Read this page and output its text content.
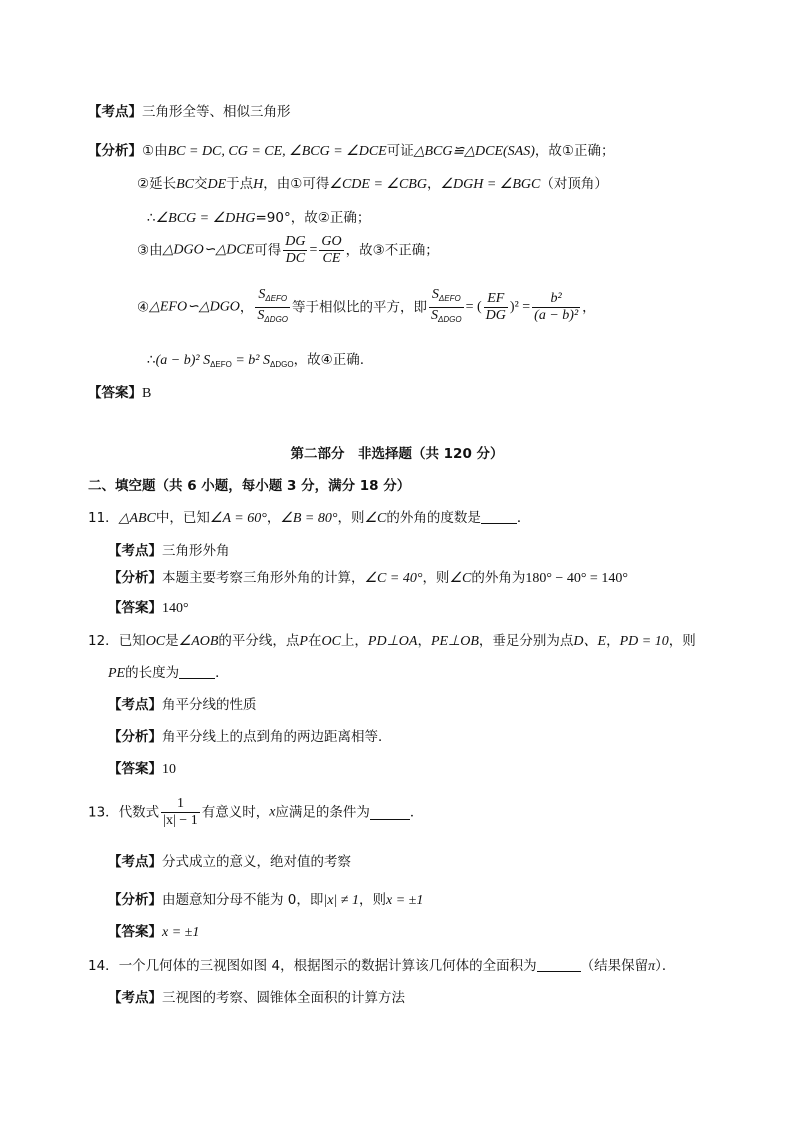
【考点】三角形全等、相似三角形
【分析】①由BC = DC, CG = CE, ∠BCG = ∠DCE可证△BCG≌△DCE(SAS)，故①正确；
②延长BC交DE于点H，由①可得∠CDE = ∠CBG，∠DGH = ∠BGC（对顶角）
∴∠BCG = ∠DHG=90°，故②正确；
③由△DGO∽△DCE可得 $\frac{DG}{DC} = \frac{GO}{CE}$ ，故③不正确；
④△EFO∽△DGO， $\frac{S_{\Delta EFO}}{S_{\Delta DGO}}$ 等于相似比的平方，即 $\frac{S_{\Delta EFO}}{S_{\Delta DGO}}$ = ( $\frac{EF}{DG} )^2 = \frac{\text{b²}}{\text{(a − b)²}}$ ，
∴(a − b)² $S_{\Delta EFO} = b^2$ $S_{\Delta DGO}$，故④正确.
【答案】B
第二部分　非选择题（共 120 分）
二、填空题（共 6 小题，每小题 3 分，满分 18 分）
11．△ABC中，已知∠A = 60°，∠B = 80°，则∠C的外角的度数是	．
【考点】三角形外角
【分析】本题主要考察三角形外角的计算，∠C = 40°，则∠C的外角为180° − 40° = 140°
【答案】140°
12．已知OC是∠AOB的平分线，点P在OC上，PD⊥OA，PE⊥OB，垂足分别为点D、E，PD = 10，则
PE的长度为	．
【考点】角平分线的性质
【分析】角平分线上的点到角的两边距离相等．
【答案】10
13．代数式 $\frac{1}{|x| - 1}$ 有意义时，x应满足的条件为	．
【考点】分式成立的意义，绝对值的考察
【分析】由题意知分母不能为 0，即|x| ≠ 1，则x = ±1
【答案】x = ±1
14．一个几何体的三视图如图 4，根据图示的数据计算该几何体的全面积为	（结果保留π）．
【考点】三视图的考察、圆锥体全面积的计算方法
